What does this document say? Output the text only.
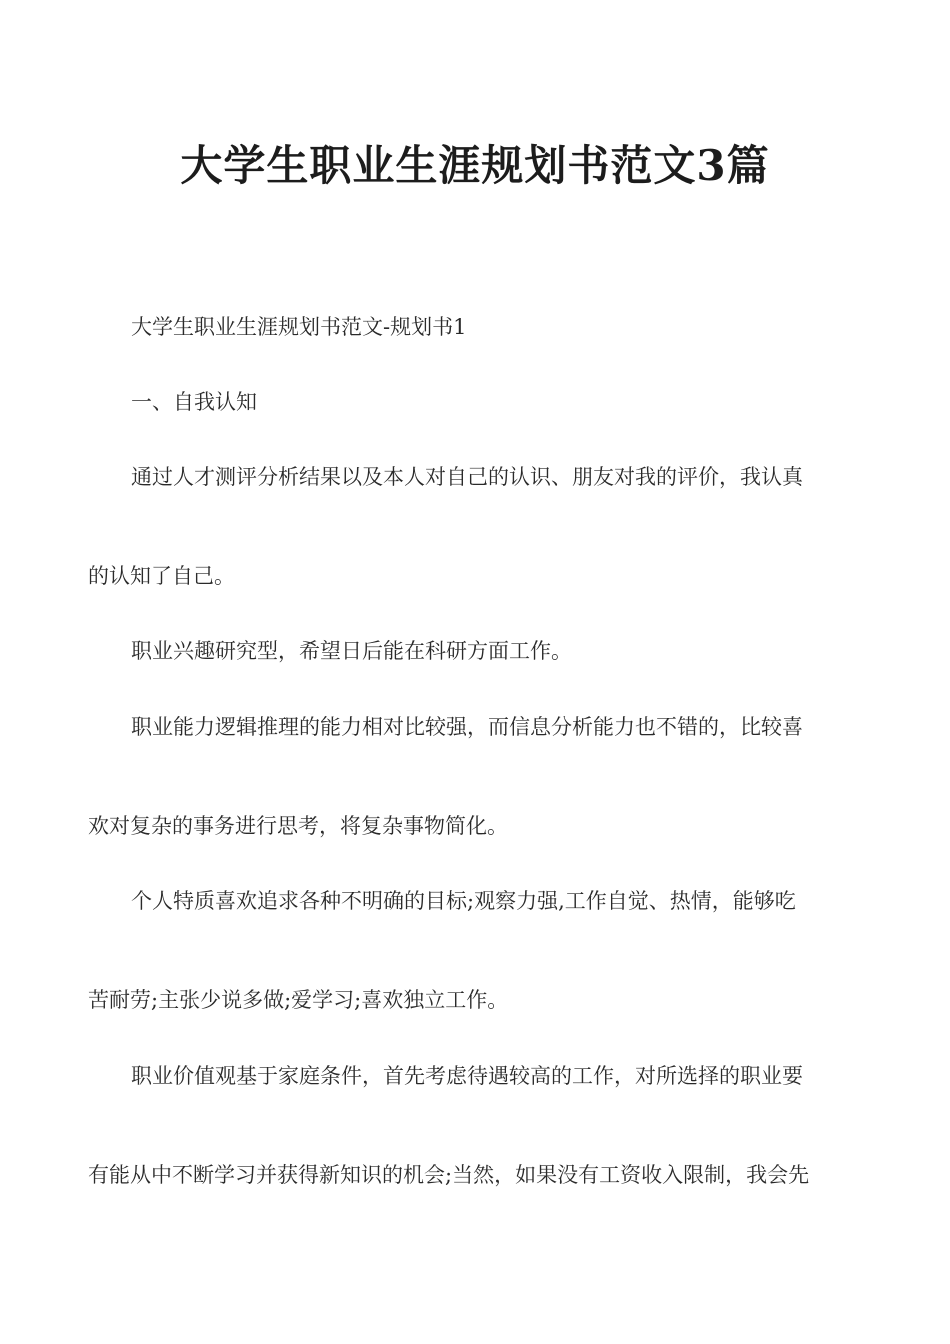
大学生职业生涯规划书范文3篇

大学生职业生涯规划书范文-规划书1

一、自我认知

通过人才测评分析结果以及本人对自己的认识、朋友对我的评价，我认真

的认知了自己。

职业兴趣研究型，希望日后能在科研方面工作。

职业能力逻辑推理的能力相对比较强，而信息分析能力也不错的，比较喜

欢对复杂的事务进行思考，将复杂事物简化。

个人特质喜欢追求各种不明确的目标;观察力强,工作自觉、热情，能够吃

苦耐劳;主张少说多做;爱学习;喜欢独立工作。

职业价值观基于家庭条件，首先考虑待遇较高的工作，对所选择的职业要

有能从中不断学习并获得新知识的机会;当然，如果没有工资收入限制，我会先
